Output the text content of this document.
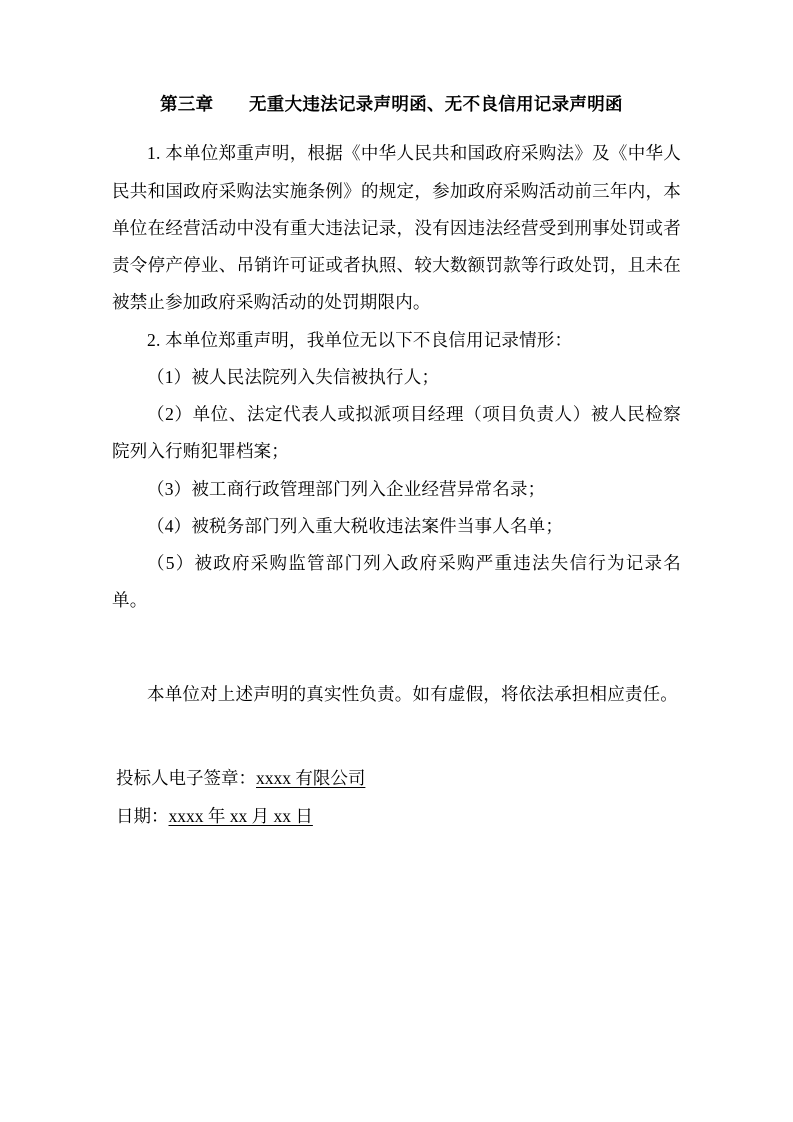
第三章　　无重大违法记录声明函、无不良信用记录声明函

1. 本单位郑重声明，根据《中华人民共和国政府采购法》及《中华人民共和国政府采购法实施条例》的规定，参加政府采购活动前三年内，本单位在经营活动中没有重大违法记录，没有因违法经营受到刑事处罚或者责令停产停业、吊销许可证或者执照、较大数额罚款等行政处罚，且未在被禁止参加政府采购活动的处罚期限内。

2. 本单位郑重声明，我单位无以下不良信用记录情形：

（1）被人民法院列入失信被执行人；

（2）单位、法定代表人或拟派项目经理（项目负责人）被人民检察院列入行贿犯罪档案；

（3）被工商行政管理部门列入企业经营异常名录；

（4）被税务部门列入重大税收违法案件当事人名单；

（5）被政府采购监管部门列入政府采购严重违法失信行为记录名单。

本单位对上述声明的真实性负责。如有虚假，将依法承担相应责任。

投标人电子签章：xxxx 有限公司

日期：xxxx 年 xx 月 xx 日
